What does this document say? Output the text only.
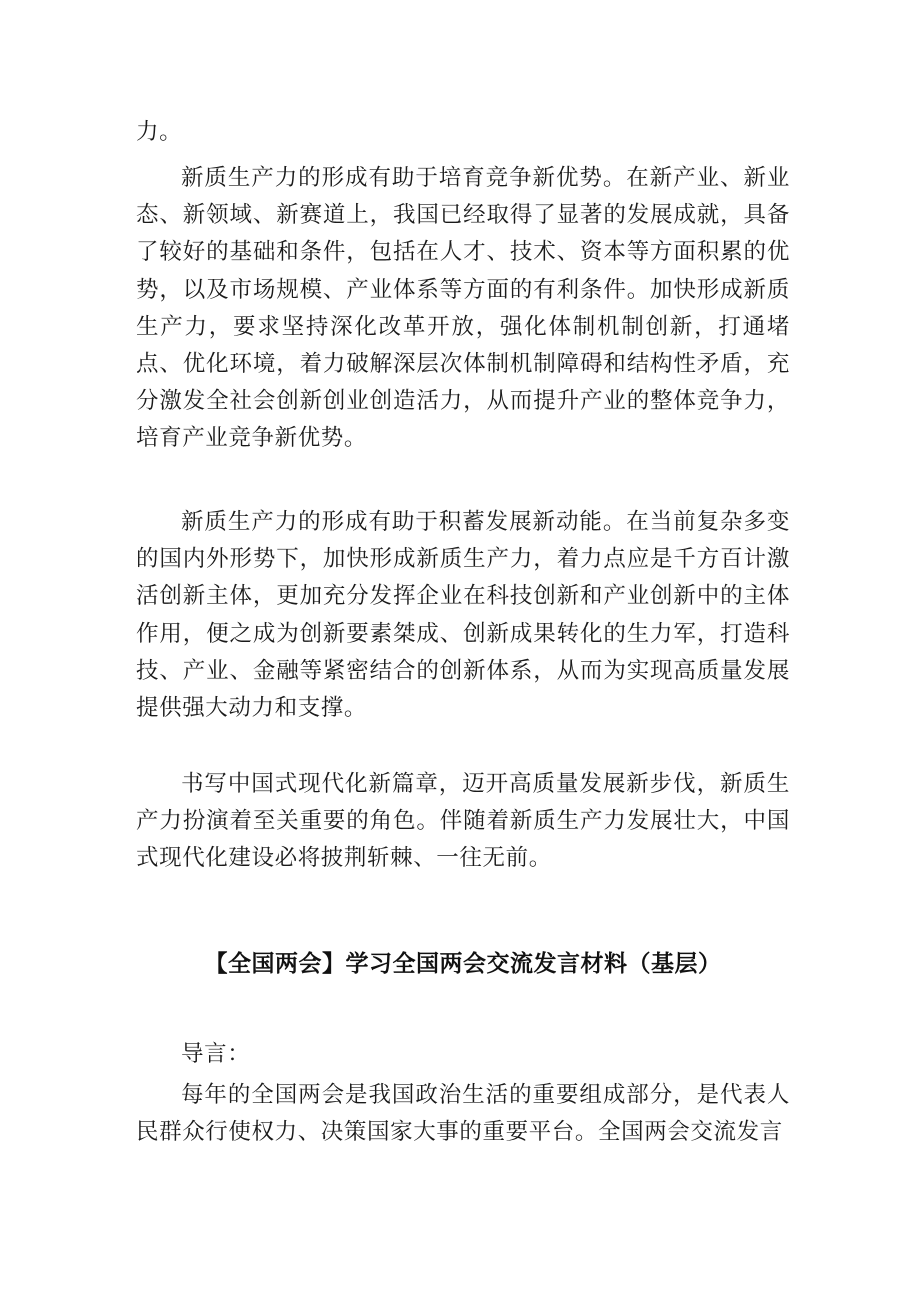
力。

新质生产力的形成有助于培育竞争新优势。在新产业、新业态、新领域、新赛道上，我国已经取得了显著的发展成就，具备了较好的基础和条件，包括在人才、技术、资本等方面积累的优势，以及市场规模、产业体系等方面的有利条件。加快形成新质生产力，要求坚持深化改革开放，强化体制机制创新，打通堵点、优化环境，着力破解深层次体制机制障碍和结构性矛盾，充分激发全社会创新创业创造活力，从而提升产业的整体竞争力，培育产业竞争新优势。

新质生产力的形成有助于积蓄发展新动能。在当前复杂多变的国内外形势下，加快形成新质生产力，着力点应是千方百计激活创新主体，更加充分发挥企业在科技创新和产业创新中的主体作用，便之成为创新要素桀成、创新成果转化的生力军，打造科技、产业、金融等紧密结合的创新体系，从而为实现高质量发展提供强大动力和支撑。

书写中国式现代化新篇章，迈开高质量发展新步伐，新质生产力扮演着至关重要的角色。伴随着新质生产力发展壮大，中国式现代化建设必将披荆斩棘、一往无前。

【全国两会】学习全国两会交流发言材料（基层）

导言：

每年的全国两会是我国政治生活的重要组成部分，是代表人民群众行使权力、决策国家大事的重要平台。全国两会交流发言
